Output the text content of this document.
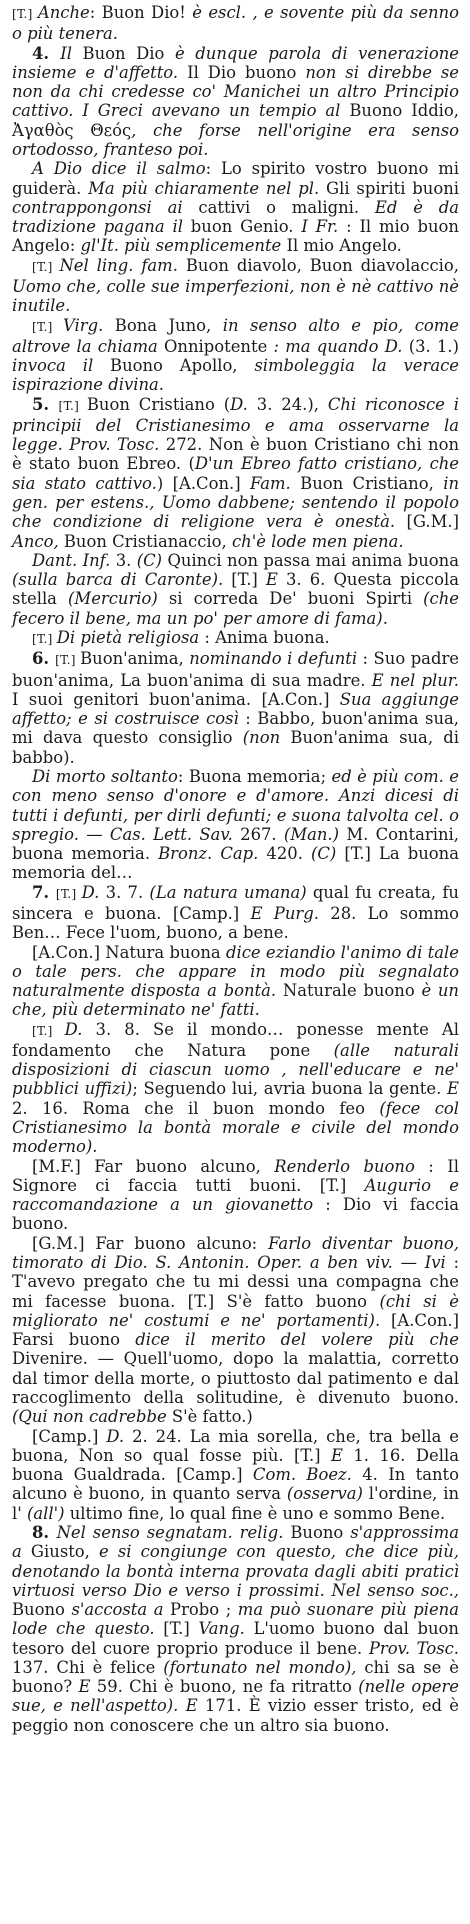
[T.] Anche: Buon Dio! è escl. , e sovente più da senno o più tenera.

4. Il Buon Dio è dunque parola di venerazione insieme e d'affetto. Il Dio buono non si direbbe se non da chi credesse co' Manichei un altro Principio cattivo. I Greci avevano un tempio al Buono Iddio, Ἀγαθὸς Θεός, che forse nell'origine era senso ortodosso, franteso poi.

A Dio dice il salmo: Lo spirito vostro buono mi guiderà. Ma più chiaramente nel pl. Gli spiriti buoni contrappongonsi ai cattivi o maligni. Ed è da tradizione pagana il buon Genio. I Fr. : Il mio buon Angelo: gl'It. più semplicemente Il mio Angelo.

[T.] Nel ling. fam. Buon diavolo, Buon diavolaccio, Uomo che, colle sue imperfezioni, non è nè cattivo nè inutile.

[T.] Virg. Bona Juno, in senso alto e pio, come altrove la chiama Onnipotente : ma quando D. (3. 1.) invoca il Buono Apollo, simboleggia la verace ispirazione divina.

5. [T.] Buon Cristiano (D. 3. 24.), Chi riconosce i principii del Cristianesimo e ama osservarne la legge. Prov. Tosc. 272. Non è buon Cristiano chi non è stato buon Ebreo. (D'un Ebreo fatto cristiano, che sia stato cattivo.) [A.Con.] Fam. Buon Cristiano, in gen. per estens., Uomo dabbene; sentendo il popolo che condizione di religione vera è onestà. [G.M.] Anco, Buon Cristianaccio, ch'è lode men piena.

Dant. Inf. 3. (C) Quinci non passa mai anima buona (sulla barca di Caronte). [T.] E 3. 6. Questa piccola stella (Mercurio) si correda De' buoni Spirti (che fecero il bene, ma un po' per amore di fama).

[T.] Di pietà religiosa : Anima buona.

6. [T.] Buon'anima, nominando i defunti : Suo padre buon'anima, La buon'anima di sua madre. E nel plur. I suoi genitori buon'anima. [A.Con.] Sua aggiunge affetto; e si costruisce così : Babbo, buon'anima sua, mi dava questo consiglio (non Buon'anima sua, di babbo).

Di morto soltanto: Buona memoria; ed è più com. e con meno senso d'onore e d'amore. Anzi dicesi di tutti i defunti, per dirli defunti; e suona talvolta cel. o spregio. — Cas. Lett. Sav. 267. (Man.) M. Contarini, buona memoria. Bronz. Cap. 420. (C) [T.] La buona memoria del…

7. [T.] D. 3. 7. (La natura umana) qual fu creata, fu sincera e buona. [Camp.] E Purg. 28. Lo sommo Ben… Fece l'uom, buono, a bene.

[A.Con.] Natura buona dice eziandio l'animo di tale o tale pers. che appare in modo più segnalato naturalmente disposta a bontà. Naturale buono è un che, più determinato ne' fatti.

[T.] D. 3. 8. Se il mondo… ponesse mente Al fondamento che Natura pone (alle naturali disposizioni di ciascun uomo , nell'educare e ne' pubblici uffizi); Seguendo lui, avria buona la gente. E 2. 16. Roma che il buon mondo feo (fece col Cristianesimo la bontà morale e civile del mondo moderno).

[M.F.] Far buono alcuno, Renderlo buono : Il Signore ci faccia tutti buoni. [T.] Augurio e raccomandazione a un giovanetto : Dio vi faccia buono.

[G.M.] Far buono alcuno: Farlo diventar buono, timorato di Dio. S. Antonin. Oper. a ben viv. — Ivi : T'avevo pregato che tu mi dessi una compagna che mi facesse buona. [T.] S'è fatto buono (chi si è migliorato ne' costumi e ne' portamenti). [A.Con.] Farsi buono dice il merito del volere più che Divenire. — Quell'uomo, dopo la malattia, corretto dal timor della morte, o piuttosto dal patimento e dal raccoglimento della solitudine, è divenuto buono. (Qui non cadrebbe S'è fatto.)

[Camp.] D. 2. 24. La mia sorella, che, tra bella e buona, Non so qual fosse più. [T.] E 1. 16. Della buona Gualdrada. [Camp.] Com. Boez. 4. In tanto alcuno è buono, in quanto serva (osserva) l'ordine, in l' (all') ultimo fine, lo qual fine è uno e sommo Bene.

8. Nel senso segnatam. relig. Buono s'approssima a Giusto, e si congiunge con questo, che dice più, denotando la bontà interna provata dagli abiti praticì virtuosi verso Dio e verso i prossimi. Nel senso soc., Buono s'accosta a Probo ; ma può suonare più piena lode che questo. [T.] Vang. L'uomo buono dal buon tesoro del cuore proprio produce il bene. Prov. Tosc. 137. Chi è felice (fortunato nel mondo), chi sa se è buono? E 59. Chi è buono, ne fa ritratto (nelle opere sue, e nell'aspetto). E 171. È vizio esser tristo, ed è peggio non conoscere che un altro sia buono.
